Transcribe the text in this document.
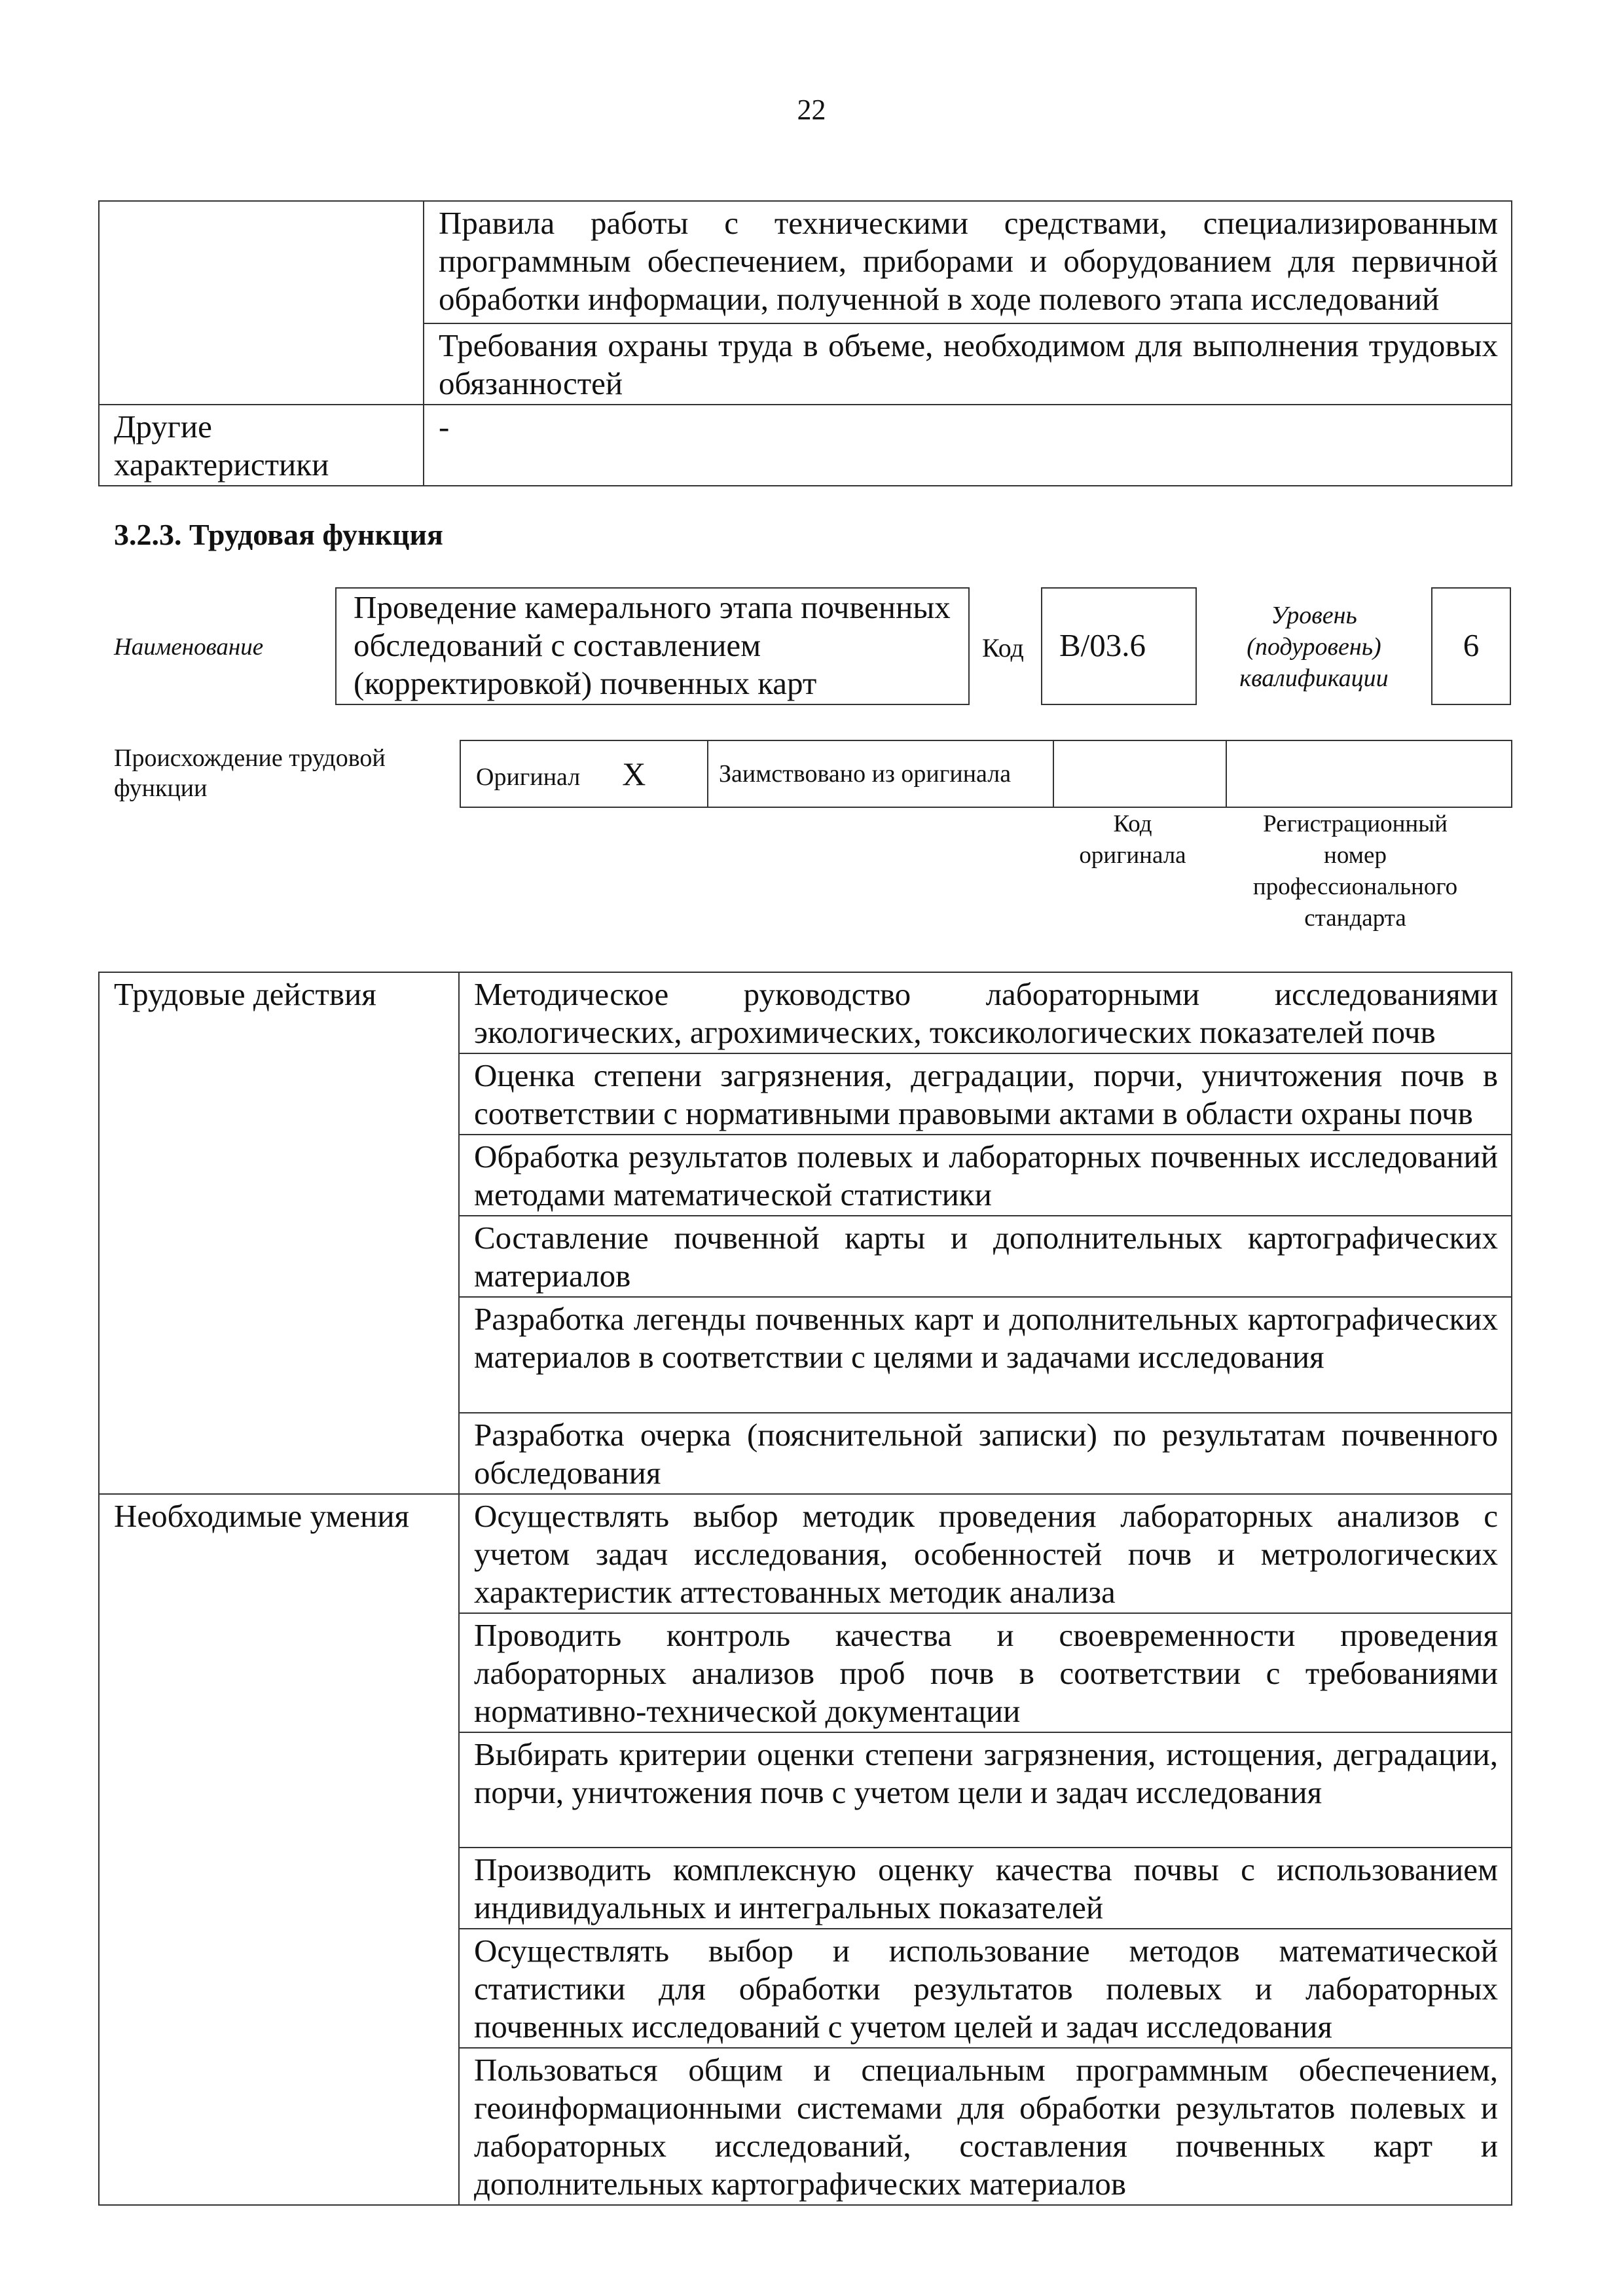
22
	Правила работы с техническими средствами, специализированным программным обеспечением, приборами и оборудованием для первичной обработки информации, полученной в ходе полевого этапа исследований
	Требования охраны труда в объеме, необходимом для выполнения трудовых обязанностей
Другие характеристики	-
3.2.3. Трудовая функция
Наименование
Проведение камерального этапа почвенных обследований с составлением (корректировкой) почвенных карт
Код B/03.6
Уровень (подуровень) квалификации
6
Происхождение трудовой функции	Оригинал X	Заимствовано из оригинала		
Код оригинала
Регистрационный номер профессионального стандарта
Трудовые действия	Методическое руководство лабораторными исследованиями экологических, агрохимических, токсикологических показателей почв
	Оценка степени загрязнения, деградации, порчи, уничтожения почв в соответствии с нормативными правовыми актами в области охраны почв
	Обработка результатов полевых и лабораторных почвенных исследований методами математической статистики
	Составление почвенной карты и дополнительных картографических материалов
	Разработка легенды почвенных карт и дополнительных картографических материалов в соответствии с целями и задачами исследования
	Разработка очерка (пояснительной записки) по результатам почвенного обследования
Необходимые умения	Осуществлять выбор методик проведения лабораторных анализов с учетом задач исследования, особенностей почв и метрологических характеристик аттестованных методик анализа
	Проводить контроль качества и своевременности проведения лабораторных анализов проб почв в соответствии с требованиями нормативно-технической документации
	Выбирать критерии оценки степени загрязнения, истощения, деградации, порчи, уничтожения почв с учетом цели и задач исследования
	Производить комплексную оценку качества почвы с использованием индивидуальных и интегральных показателей
	Осуществлять выбор и использование методов математической статистики для обработки результатов полевых и лабораторных почвенных исследований с учетом целей и задач исследования
	Пользоваться общим и специальным программным обеспечением, геоинформационными системами для обработки результатов полевых и лабораторных исследований, составления почвенных карт и дополнительных картографических материалов
